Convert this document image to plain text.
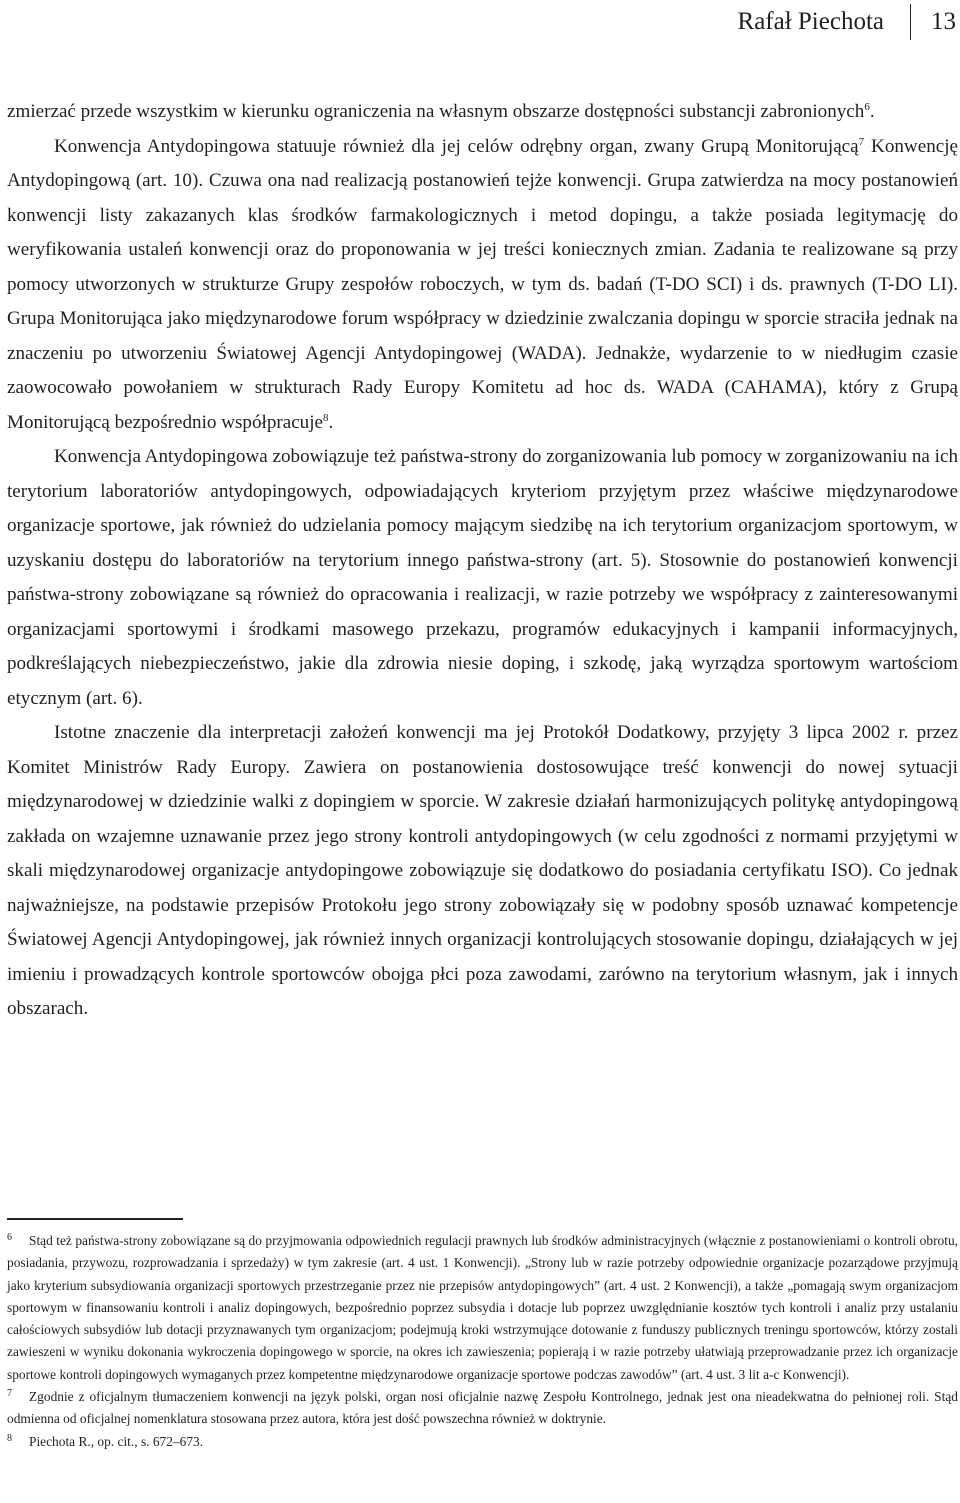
Rafał Piechota 13

zmierzać przede wszystkim w kierunku ograniczenia na własnym obszarze dostępności substancji zabronionych$^6$.

Konwencja Antydopingowa statuuje również dla jej celów odrębny organ, zwany Grupą Monitorującą$^7$ Konwencję Antydopingową (art. 10). Czuwa ona nad realizacją postanowień tejże konwencji. Grupa zatwierdza na mocy postanowień konwencji listy zakazanych klas środków farmakologicznych i metod dopingu, a także posiada legitymację do weryfikowania ustaleń konwencji oraz do proponowania w jej treści koniecznych zmian. Zadania te realizowane są przy pomocy utworzonych w strukturze Grupy zespołów roboczych, w tym ds. badań (T-DO SCI) i ds. prawnych (T-DO LI). Grupa Monitorująca jako międzynarodowe forum współpracy w dziedzinie zwalczania dopingu w sporcie straciła jednak na znaczeniu po utworzeniu Światowej Agencji Antydopingowej (WADA). Jednakże, wydarzenie to w niedługim czasie zaowocowało powołaniem w strukturach Rady Europy Komitetu ad hoc ds. WADA (CAHAMA), który z Grupą Monitorującą bezpośrednio współpracuje$^8$.

Konwencja Antydopingowa zobowiązuje też państwa-strony do zorganizowania lub pomocy w zorganizowaniu na ich terytorium laboratoriów antydopingowych, odpowiadających kryteriom przyjętym przez właściwe międzynarodowe organizacje sportowe, jak również do udzielania pomocy mającym siedzibę na ich terytorium organizacjom sportowym, w uzyskaniu dostępu do laboratoriów na terytorium innego państwa-strony (art. 5). Stosownie do postanowień konwencji państwa-strony zobowiązane są również do opracowania i realizacji, w razie potrzeby we współpracy z zainteresowanymi organizacjami sportowymi i środkami masowego przekazu, programów edukacyjnych i kampanii informacyjnych, podkreślających niebezpieczeństwo, jakie dla zdrowia niesie doping, i szkodę, jaką wyrządza sportowym wartościom etycznym (art. 6).

Istotne znaczenie dla interpretacji założeń konwencji ma jej Protokół Dodatkowy, przyjęty 3 lipca 2002 r. przez Komitet Ministrów Rady Europy. Zawiera on postanowienia dostosowujące treść konwencji do nowej sytuacji międzynarodowej w dziedzinie walki z dopingiem w sporcie. W zakresie działań harmonizujących politykę antydopingową zakłada on wzajemne uznawanie przez jego strony kontroli antydopingowych (w celu zgodności z normami przyjętymi w skali międzynarodowej organizacje antydopingowe zobowiązuje się dodatkowo do posiadania certyfikatu ISO). Co jednak najważniejsze, na podstawie przepisów Protokołu jego strony zobowiązały się w podobny sposób uznawać kompetencje Światowej Agencji Antydopingowej, jak również innych organizacji kontrolujących stosowanie dopingu, działających w jej imieniu i prowadzących kontrole sportowców obojga płci poza zawodami, zarówno na terytorium własnym, jak i innych obszarach.

6 Stąd też państwa-strony zobowiązane są do przyjmowania odpowiednich regulacji prawnych lub środków administracyjnych (włącznie z postanowieniami o kontroli obrotu, posiadania, przywozu, rozprowadzania i sprzedaży) w tym zakresie (art. 4 ust. 1 Konwencji). „Strony lub w razie potrzeby odpowiednie organizacje pozarządowe przyjmują jako kryterium subsydiowania organizacji sportowych przestrzeganie przez nie przepisów antydopingowych” (art. 4 ust. 2 Konwencji), a także „pomagają swym organizacjom sportowym w finansowaniu kontroli i analiz dopingowych, bezpośrednio poprzez subsydia i dotacje lub poprzez uwzględnianie kosztów tych kontroli i analiz przy ustalaniu całościowych subsydiów lub dotacji przyznawanych tym organizacjom; podejmują kroki wstrzymujące dotowanie z funduszy publicznych treningu sportowców, którzy zostali zawieszeni w wyniku dokonania wykroczenia dopingowego w sporcie, na okres ich zawieszenia; popierają i w razie potrzeby ułatwiają przeprowadzanie przez ich organizacje sportowe kontroli dopingowych wymaganych przez kompetentne międzynarodowe organizacje sportowe podczas zawodów” (art. 4 ust. 3 lit a-c Konwencji).

7 Zgodnie z oficjalnym tłumaczeniem konwencji na język polski, organ nosi oficjalnie nazwę Zespołu Kontrolnego, jednak jest ona nieadekwatna do pełnionej roli. Stąd odmienna od oficjalnej nomenklatura stosowana przez autora, która jest dość powszechna również w doktrynie.

8 Piechota R., op. cit., s. 672–673.
